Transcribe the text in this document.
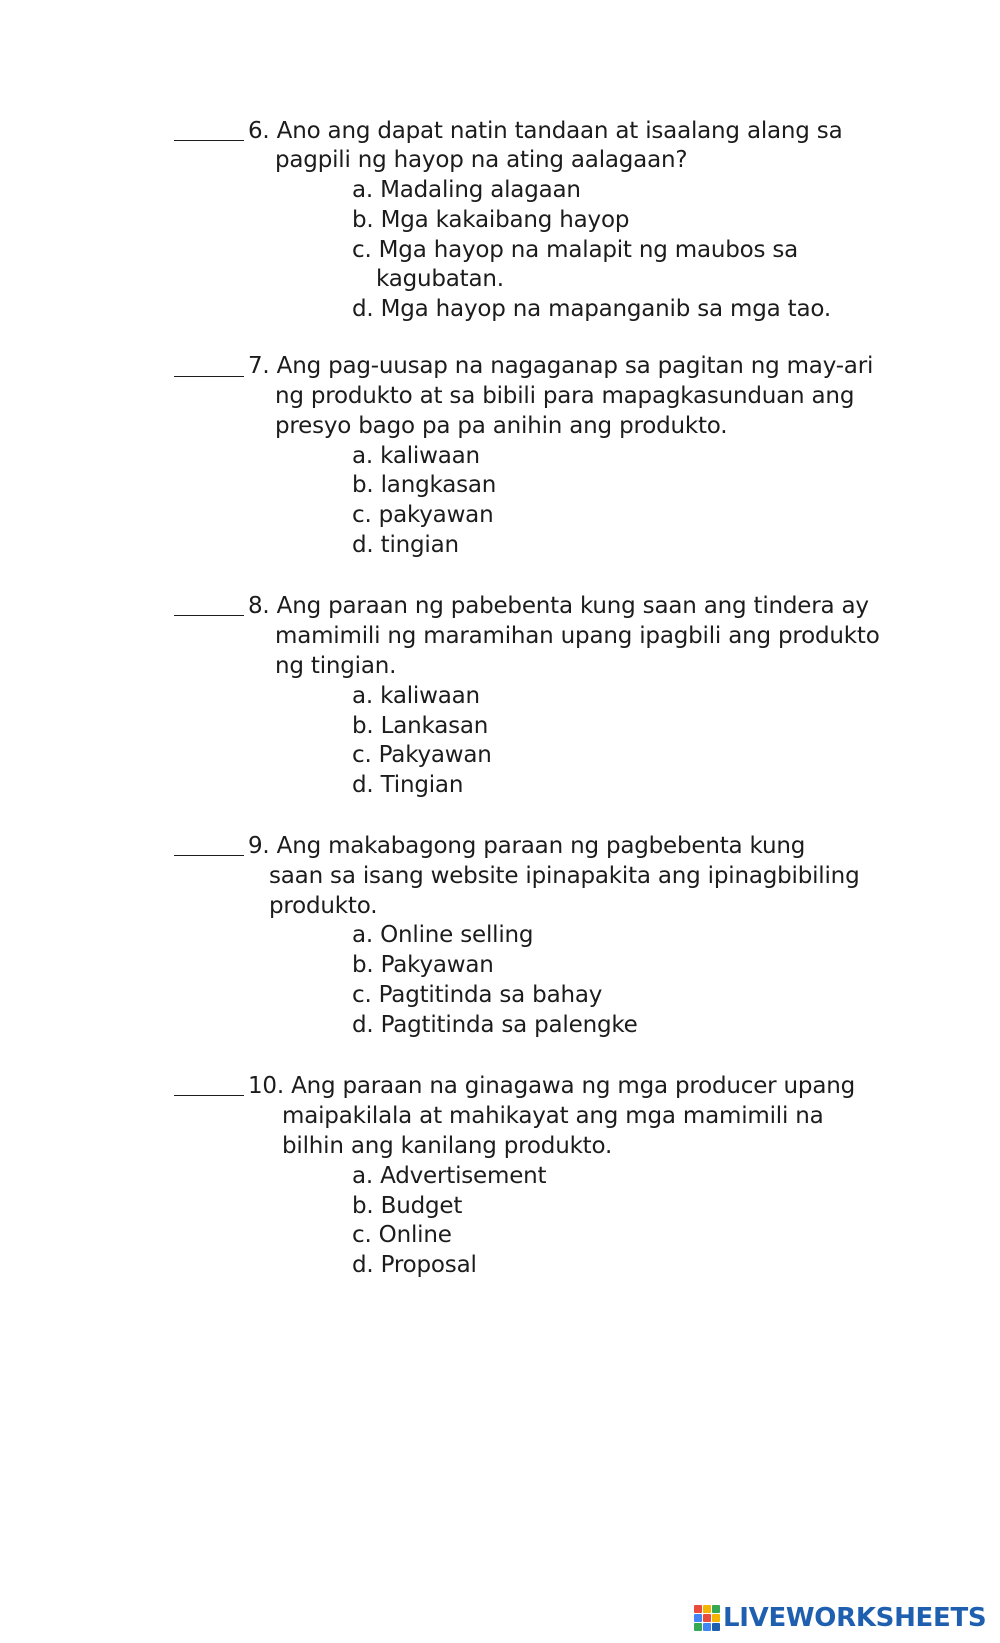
6. Ano ang dapat natin tandaan at isaalang alang sa
pagpili ng hayop na ating aalagaan?
a. Madaling alagaan
b. Mga kakaibang hayop
c. Mga hayop na malapit ng maubos sa
kagubatan.
d. Mga hayop na mapanganib sa mga tao.
7. Ang pag-uusap na nagaganap sa pagitan ng may-ari
ng produkto at sa bibili para mapagkasunduan ang
presyo bago pa pa anihin ang produkto.
a. kaliwaan
b. langkasan
c. pakyawan
d. tingian
8. Ang paraan ng pabebenta kung saan ang tindera ay
mamimili ng maramihan upang ipagbili ang produkto
ng tingian.
a. kaliwaan
b. Lankasan
c. Pakyawan
d. Tingian
9. Ang makabagong paraan ng pagbebenta kung
saan sa isang website ipinapakita ang ipinagbibiling
produkto.
a. Online selling
b. Pakyawan
c. Pagtitinda sa bahay
d. Pagtitinda sa palengke
10. Ang paraan na ginagawa ng mga producer upang
maipakilala at mahikayat ang mga mamimili na
bilhin ang kanilang produkto.
a. Advertisement
b. Budget
c. Online
d. Proposal
LIVEWORKSHEETS
